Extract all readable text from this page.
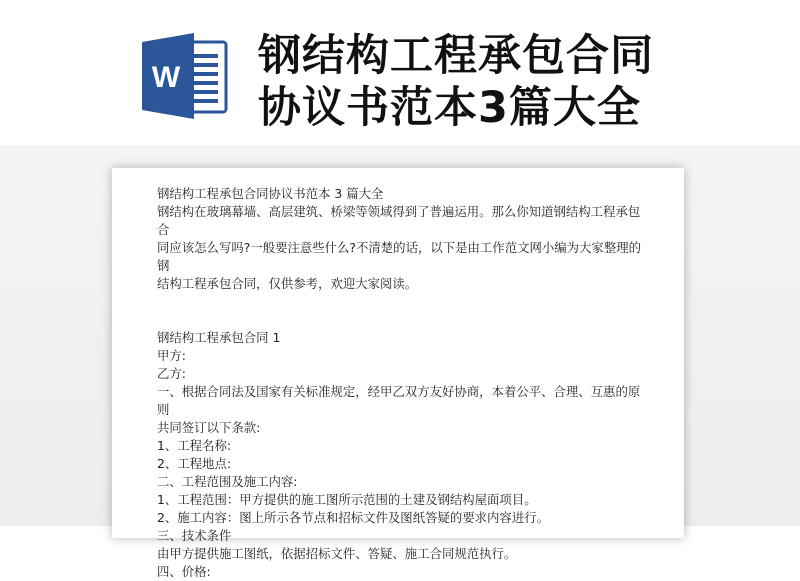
W 钢结构工程承包合同
协议书范本3篇大全

钢结构工程承包合同协议书范本 3 篇大全

钢结构在玻璃幕墙、高层建筑、桥梁等领域得到了普遍运用。那么你知道钢结构工程承包合

同应该怎么写吗?一般要注意些什么?不清楚的话，以下是由工作范文网小编为大家整理的钢

结构工程承包合同，仅供参考，欢迎大家阅读。

钢结构工程承包合同 1

甲方:

乙方:

一、根据合同法及国家有关标准规定，经甲乙双方友好协商，本着公平、合理、互惠的原则

共同签订以下条款:

1、工程名称:

2、工程地点:

二、工程范围及施工内容:

1、工程范围：甲方提供的施工图所示范围的土建及钢结构屋面项目。

2、施工内容：图上所示各节点和招标文件及图纸答疑的要求内容进行。

三、技术条件

由甲方提供施工图纸，依据招标文件、答疑、施工合同规范执行。

四、价格:
